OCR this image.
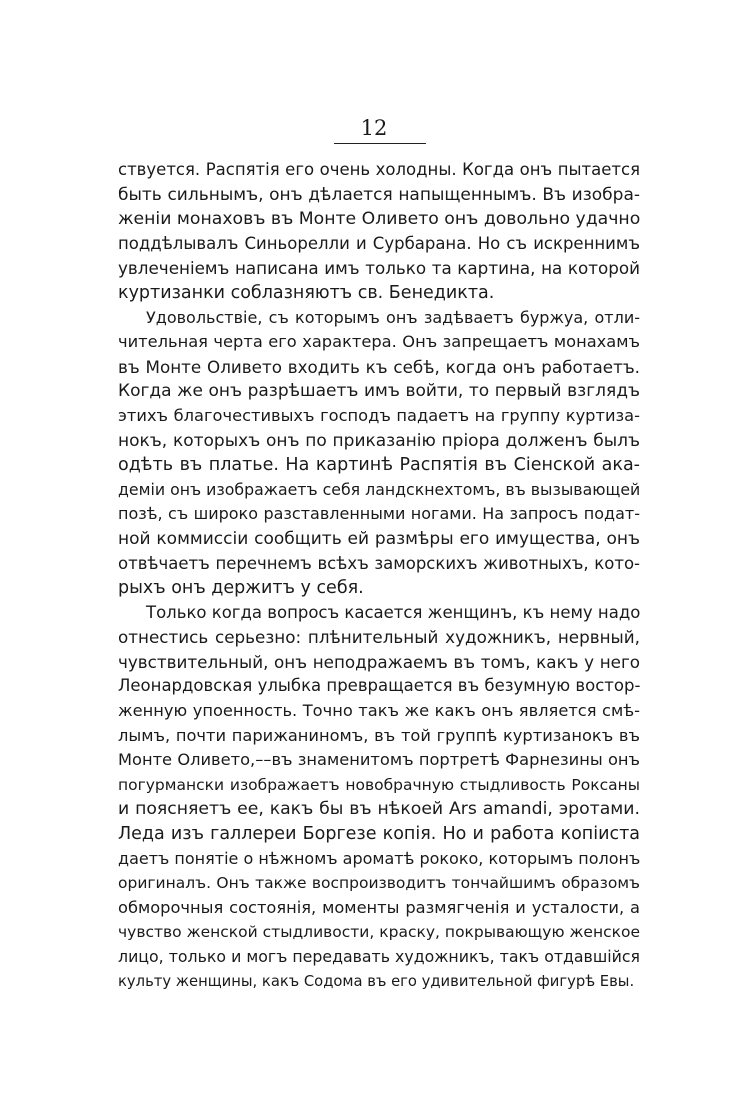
12

ствуется. Распятія его очень холодны. Когда онъ пытается
быть сильнымъ, онъ дѣлается напыщеннымъ. Въ изобра-
женіи монаховъ въ Монте Оливето онъ довольно удачно
поддѣлывалъ Синьорелли и Сурбарана. Но съ искреннимъ
увлеченіемъ написана имъ только та картина, на которой
куртизанки соблазняютъ св. Бенедикта.

Удовольствіе, съ которымъ онъ задѣваетъ буржуа, отли-
чительная черта его характера. Онъ запрещаетъ монахамъ
въ Монте Оливето входить къ себѣ, когда онъ работаетъ.
Когда же онъ разрѣшаетъ имъ войти, то первый взглядъ
этихъ благочестивыхъ господъ падаетъ на группу куртиза-
нокъ, которыхъ онъ по приказанію пріора долженъ былъ
одѣть въ платье. На картинѣ Распятія въ Сіенской ака-
деміи онъ изображаетъ себя ландскнехтомъ, въ вызывающей
позѣ, съ широко разставленными ногами. На запросъ подат-
ной коммиссіи сообщить ей размѣры его имущества, онъ
отвѣчаетъ перечнемъ всѣхъ заморскихъ животныхъ, кото-
рыхъ онъ держитъ у себя.

Только когда вопросъ касается женщинъ, къ нему надо
отнестись серьезно: плѣнительный художникъ, нервный,
чувствительный, онъ неподражаемъ въ томъ, какъ у него
Леонардовская улыбка превращается въ безумную востор-
женную упоенность. Точно такъ же какъ онъ является смѣ-
лымъ, почти парижаниномъ, въ той группѣ куртизанокъ въ
Монте Оливето,––въ знаменитомъ портретѣ Фарнезины онъ
погурмански изображаетъ новобрачную стыдливость Роксаны
и поясняетъ ее, какъ бы въ нѣкоей Ars amandi, эротами.
Леда изъ галлереи Боргезе копія. Но и работа копіиста
даетъ понятіе о нѣжномъ ароматѣ рококо, которымъ полонъ
оригиналъ. Онъ также воспроизводитъ тончайшимъ образомъ
обморочныя состоянія, моменты размягченія и усталости, а
чувство женской стыдливости, краску, покрывающую женское
лицо, только и могъ передавать художникъ, такъ отдавшійся
культу женщины, какъ Содома въ его удивительной фигурѣ Евы.
